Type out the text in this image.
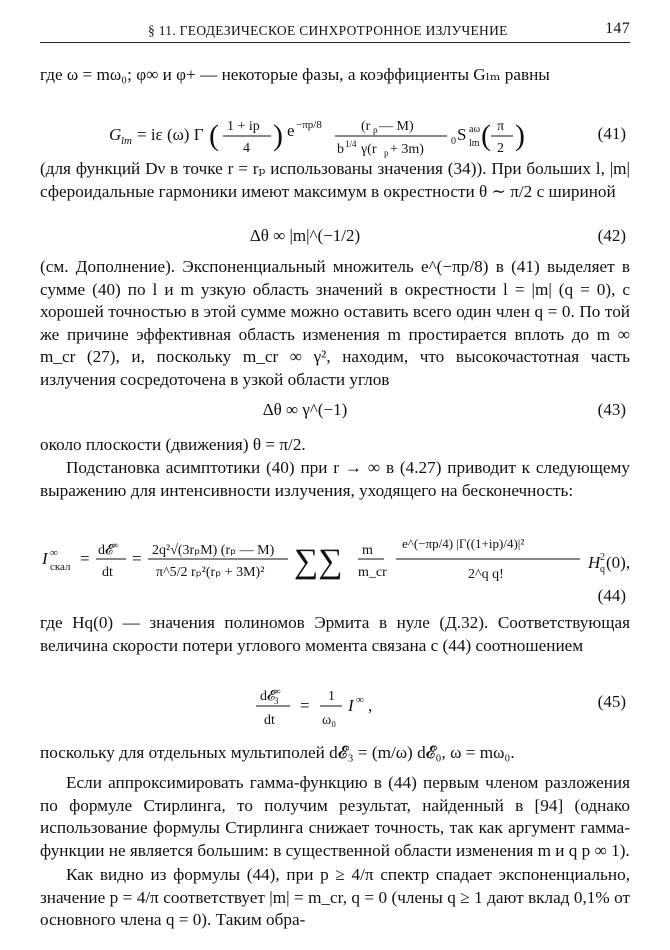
§ 11. ГЕОДЕЗИЧЕСКОЕ СИНХРОТРОННОЕ ИЗЛУЧЕНИЕ	147
где ω = mω₀; φ∞ и φ+ — некоторые фазы, а коэффициенты Gₗₘ равны
G lm = iε (ω) Γ ( 1 + ip
4 ) e −πp/8	(r p — M)
b 1/4 γ(r p + 3m)
0 S aω
lm ( π
2 )	(41)
(для функций Dν в точке r = rₚ использованы значения (34)). При больших l, |m| сфероидальные гармоники имеют максимум в окрестности θ ∼ π/2 с шириной
Δθ ∞ |m|^(−1/2)	(42)
(см. Дополнение). Экспоненциальный множитель e^(−πp/8) в (41) выделяет в сумме (40) по l и m узкую область значений в окрестности l = |m| (q = 0), с хорошей точностью в этой сумме можно оставить всего один член q = 0. По той же причине эффективная область изменения m простирается вплоть до m ∞ m_cr (27), и, поскольку m_cr ∞ γ², находим, что высокочастотная часть излучения сосредоточена в узкой области углов
Δθ ∞ γ^(−1)	(43)
около плоскости (движения) θ = π/2.
Подстановка асимптотики (40) при r → ∞ в (4.27) приводит к следующему выражению для интенсивности излучения, уходящего на бесконечность:
I ∞
скал = d𝓔
∞
dt
= 2q²√(3rₚM) (rₚ — M)
π^5/2 rₚ²(rₚ + 3M)² ∑∑ m
m_cr
e^(−πp/4) |Γ((1+ip)/4)|²
2^q q!
H 2
q (0),
(44)
где Hq(0) — значения полиномов Эрмита в нуле (Д.32). Соответствующая величина скорости потери углового момента связана с (44) соотношением
d𝓔
∞
3
dt
= 1
ω₀
I ∞ ,	(45)
поскольку для отдельных мультиполей d𝓔₃ = (m/ω) d𝓔₀, ω = mω₀.
Если аппроксимировать гамма-функцию в (44) первым членом разложения по формуле Стирлинга, то получим результат, найденный в [94] (однако использование формулы Стирлинга снижает точность, так как аргумент гамма-функции не является большим: в существенной области изменения m и q p ∞ 1).
Как видно из формулы (44), при p ≥ 4/π спектр спадает экспоненциально, значение p = 4/π соответствует |m| = m_cr, q = 0 (члены q ≥ 1 дают вклад 0,1% от основного члена q = 0). Таким обра-
